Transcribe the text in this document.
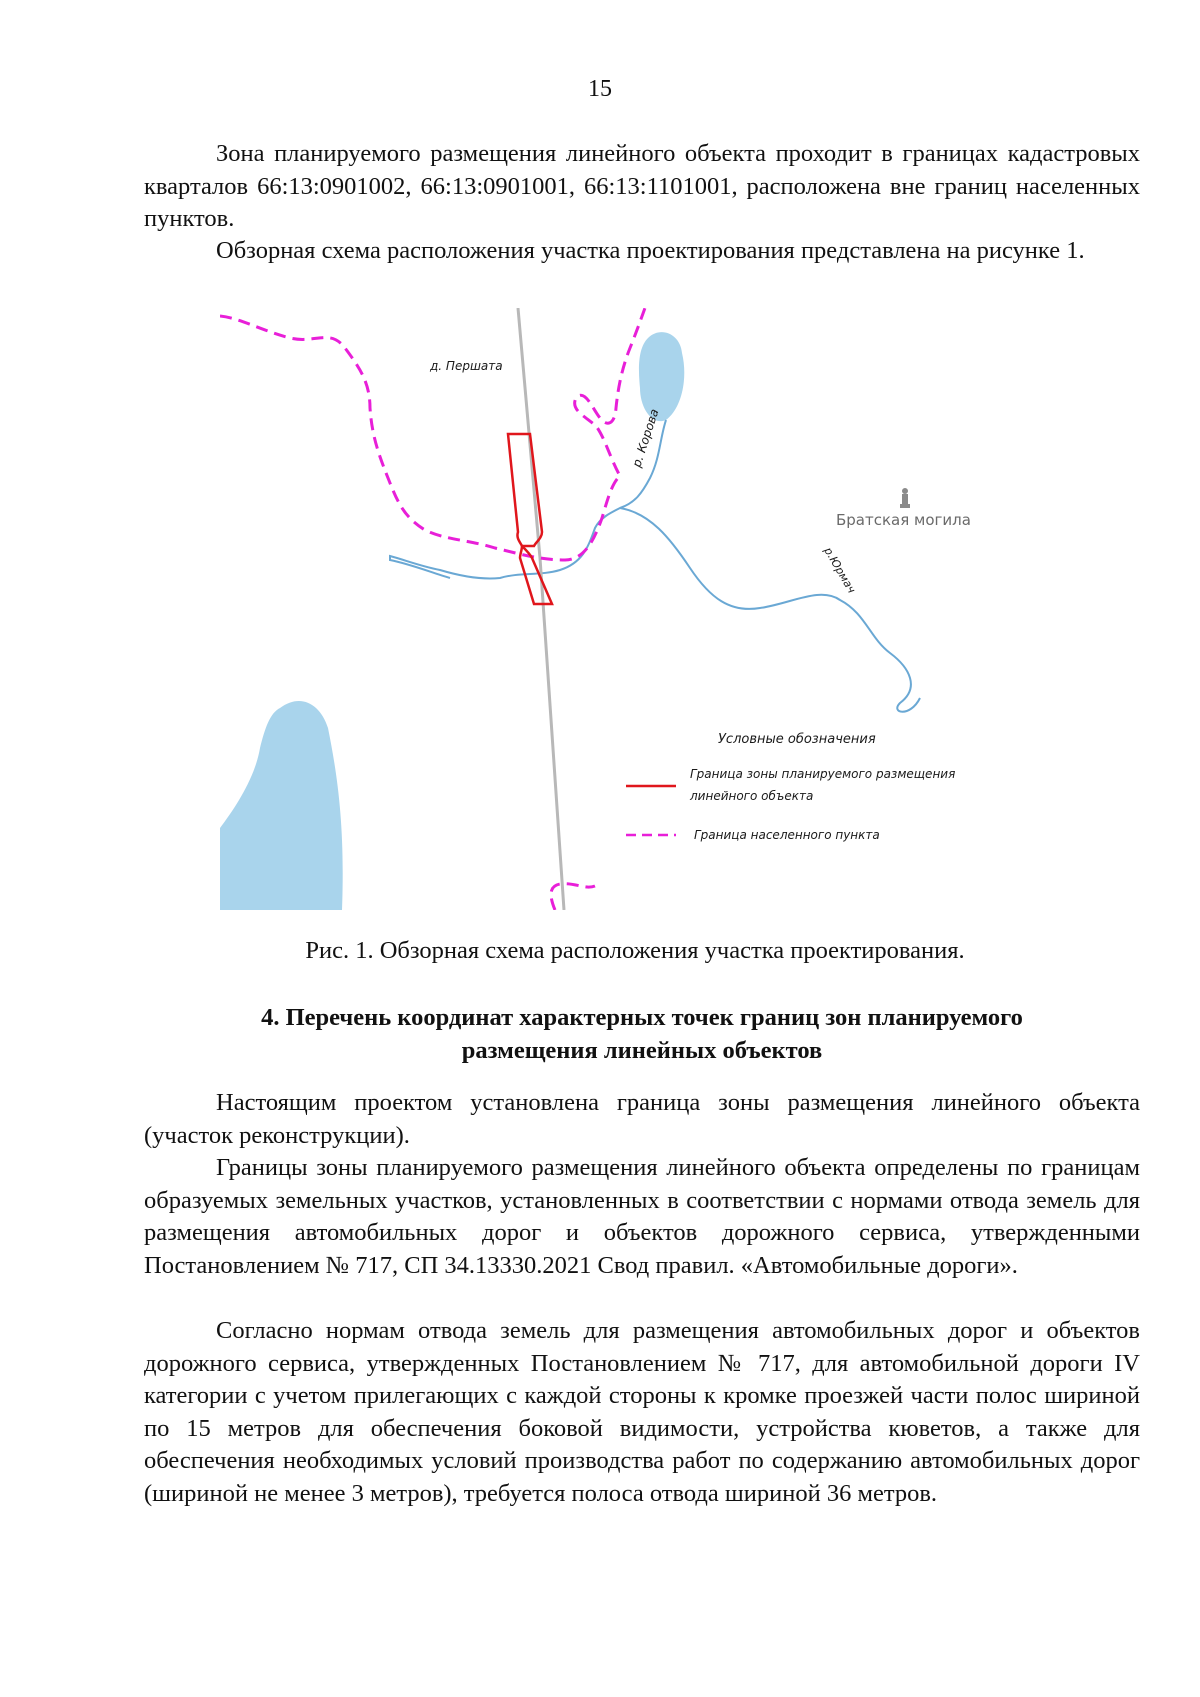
15

Зона планируемого размещения линейного объекта проходит в границах кадастровых кварталов 66:13:0901002, 66:13:0901001, 66:13:1101001, расположена вне границ населенных пунктов.

Обзорная схема расположения участка проектирования представлена на рисунке 1.

д. Першата
р. Корова
Братская могила
р.Юрмач
Условные обозначения
Граница зоны планируемого размещения
линейного объекта
Граница населенного пункта
Рис. 1. Обзорная схема расположения участка проектирования.
4. Перечень координат характерных точек границ зон планируемого
размещения линейных объектов

Настоящим проектом установлена граница зоны размещения линейного объекта (участок реконструкции).

Границы зоны планируемого размещения линейного объекта определены по границам образуемых земельных участков, установленных в соответствии с нормами отвода земель для размещения автомобильных дорог и объектов дорожного сервиса, утвержденными Постановлением № 717, СП 34.13330.2021 Свод правил. «Автомобильные дороги».

Согласно нормам отвода земель для размещения автомобильных дорог и объектов дорожного сервиса, утвержденных Постановлением № 717, для автомобильной дороги IV категории с учетом прилегающих с каждой стороны к кромке проезжей части полос шириной по 15 метров для обеспечения боковой видимости, устройства кюветов, а также для обеспечения необходимых условий производства работ по содержанию автомобильных дорог (шириной не менее 3 метров), требуется полоса отвода шириной 36 метров.
